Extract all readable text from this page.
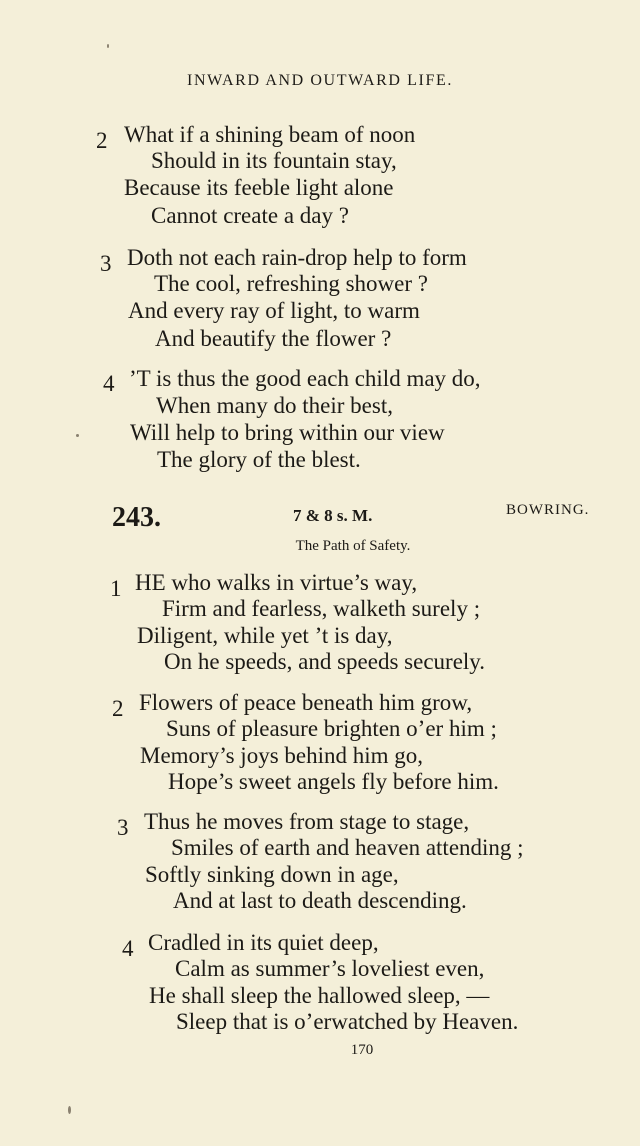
INWARD AND OUTWARD LIFE.
2 What if a shining beam of noon
Should in its fountain stay,
Because its feeble light alone
Cannot create a day ?
3 Doth not each rain-drop help to form
The cool, refreshing shower ?
And every ray of light, to warm
And beautify the flower ?
4 ’T is thus the good each child may do,
When many do their best,
Will help to bring within our view
The glory of the blest.
243.	7 & 8 s. M.	BOWRING.
The Path of Safety.
1 HE who walks in virtue’s way,
Firm and fearless, walketh surely ;
Diligent, while yet ’t is day,
On he speeds, and speeds securely.
2 Flowers of peace beneath him grow,
Suns of pleasure brighten o’er him ;
Memory’s joys behind him go,
Hope’s sweet angels fly before him.
3 Thus he moves from stage to stage,
Smiles of earth and heaven attending ;
Softly sinking down in age,
And at last to death descending.
4 Cradled in its quiet deep,
Calm as summer’s loveliest even,
He shall sleep the hallowed sleep, —
Sleep that is o’erwatched by Heaven.
170
